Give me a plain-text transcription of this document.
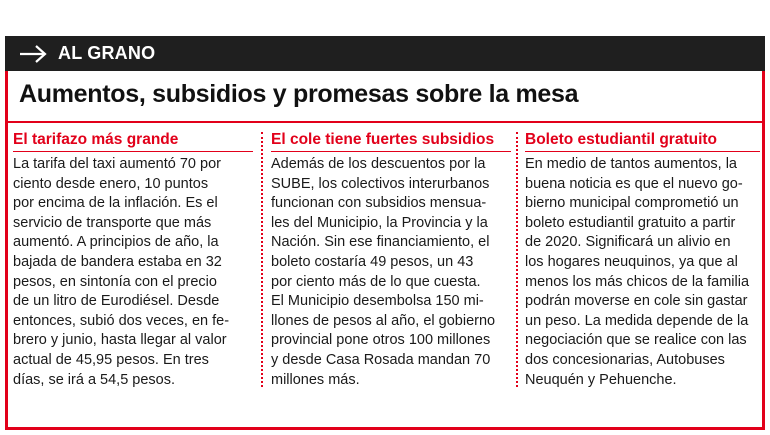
AL GRANO
Aumentos, subsidios y promesas sobre la mesa
El tarifazo más grande
La tarifa del taxi aumentó 70 por
ciento desde enero, 10 puntos
por encima de la inflación. Es el
servicio de transporte que más
aumentó. A principios de año, la
bajada de bandera estaba en 32
pesos, en sintonía con el precio
de un litro de Eurodiésel. Desde
entonces, subió dos veces, en fe-
brero y junio, hasta llegar al valor
actual de 45,95 pesos. En tres
días, se irá a 54,5 pesos.
El cole tiene fuertes subsidios
Además de los descuentos por la
SUBE, los colectivos interurbanos
funcionan con subsidios mensua-
les del Municipio, la Provincia y la
Nación. Sin ese financiamiento, el
boleto costaría 49 pesos, un 43
por ciento más de lo que cuesta.
El Municipio desembolsa 150 mi-
llones de pesos al año, el gobierno
provincial pone otros 100 millones
y desde Casa Rosada mandan 70
millones más.
Boleto estudiantil gratuito
En medio de tantos aumentos, la
buena noticia es que el nuevo go-
bierno municipal comprometió un
boleto estudiantil gratuito a partir
de 2020. Significará un alivio en
los hogares neuquinos, ya que al
menos los más chicos de la familia
podrán moverse en cole sin gastar
un peso. La medida depende de la
negociación que se realice con las
dos concesionarias, Autobuses
Neuquén y Pehuenche.
